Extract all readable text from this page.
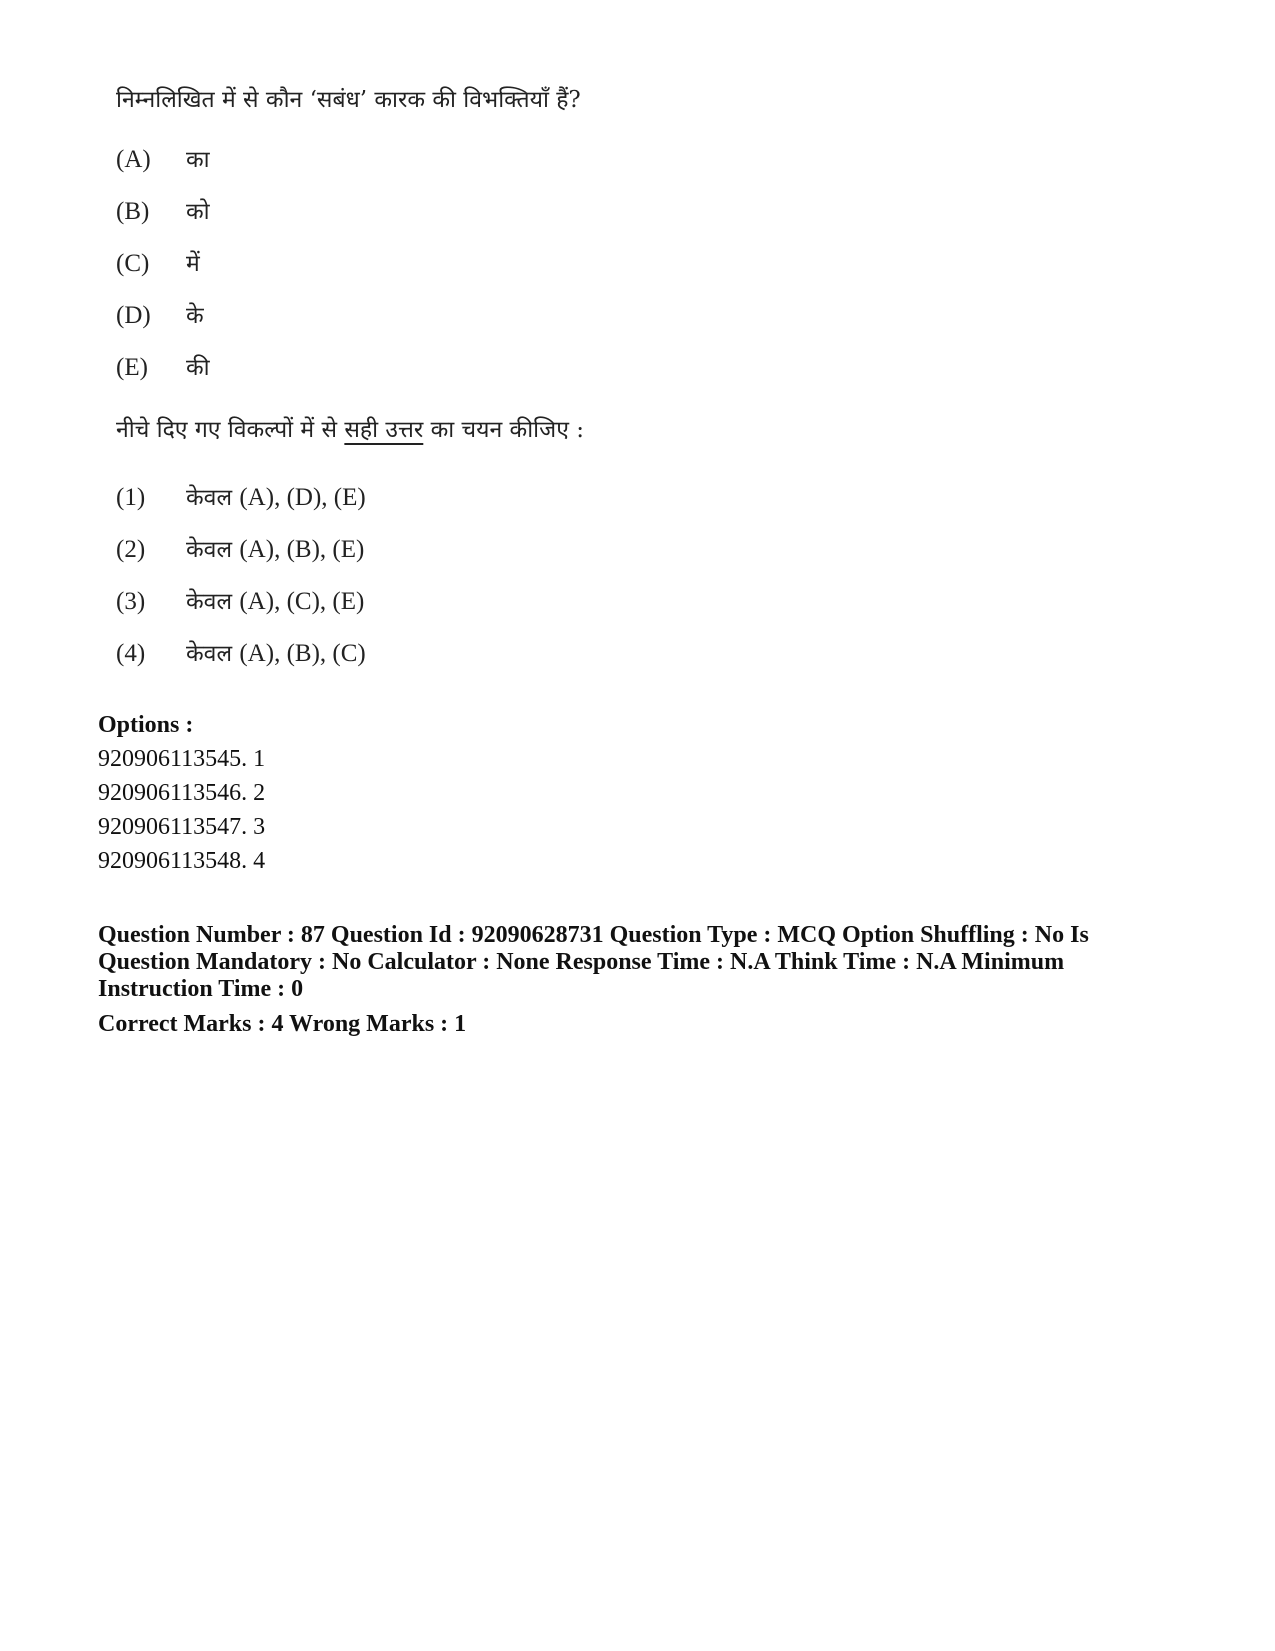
निम्नलिखित में से कौन ‘सबंध’ कारक की विभक्तियाँ हैं?
(A) का
(B) को
(C) में
(D) के
(E) की
नीचे दिए गए विकल्पों में से सही उत्तर का चयन कीजिए :
(1) केवल (A), (D), (E)
(2) केवल (A), (B), (E)
(3) केवल (A), (C), (E)
(4) केवल (A), (B), (C)
Options :
920906113545. 1
920906113546. 2
920906113547. 3
920906113548. 4
Question Number : 87 Question Id : 92090628731 Question Type : MCQ Option Shuffling : No Is
Question Mandatory : No Calculator : None Response Time : N.A Think Time : N.A Minimum
Instruction Time : 0
Correct Marks : 4 Wrong Marks : 1
